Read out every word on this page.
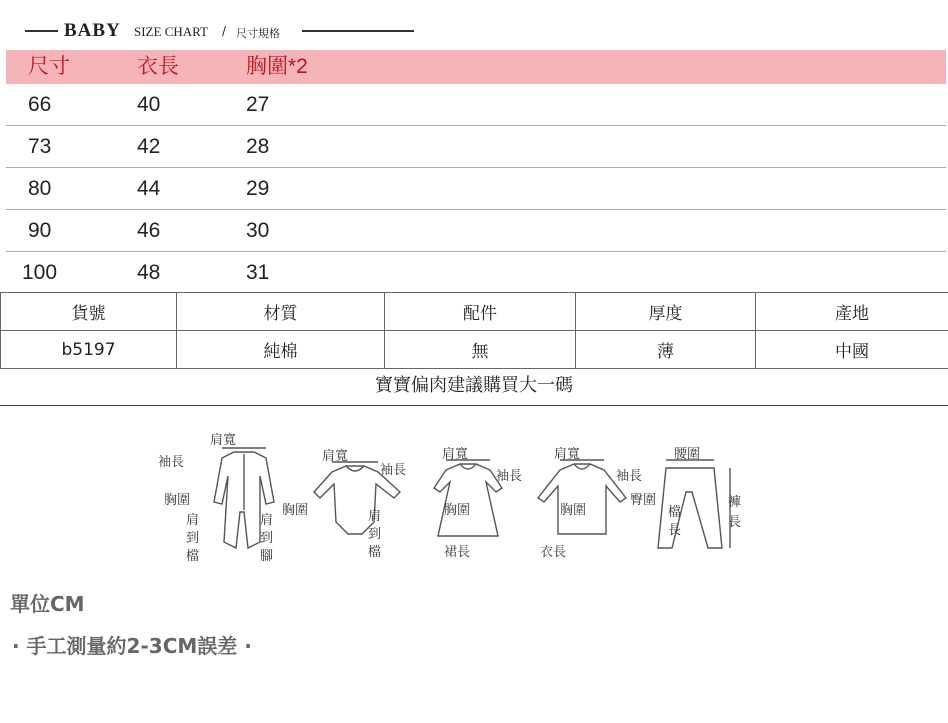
BABY SIZE CHART / 尺寸規格
尺寸	衣長	胸圍*2
66	40	27
73	42	28
80	44	29
90	46	30
100	48	31
貨號	材質	配件	厚度	產地
b5197	純棉	無	薄	中國
寶寶偏肉建議購買大一碼
肩寬
袖長
胸圍
肩
到
檔
肩
到
腳
肩寬
袖長
胸圍	肩
到
檔
肩寬
袖長
胸圍
裙長
肩寬
袖長
胸圍
衣長
腰圍
臀圍
檔
長
褲
長
單位CM
· 手工測量約2-3CM誤差 ·
